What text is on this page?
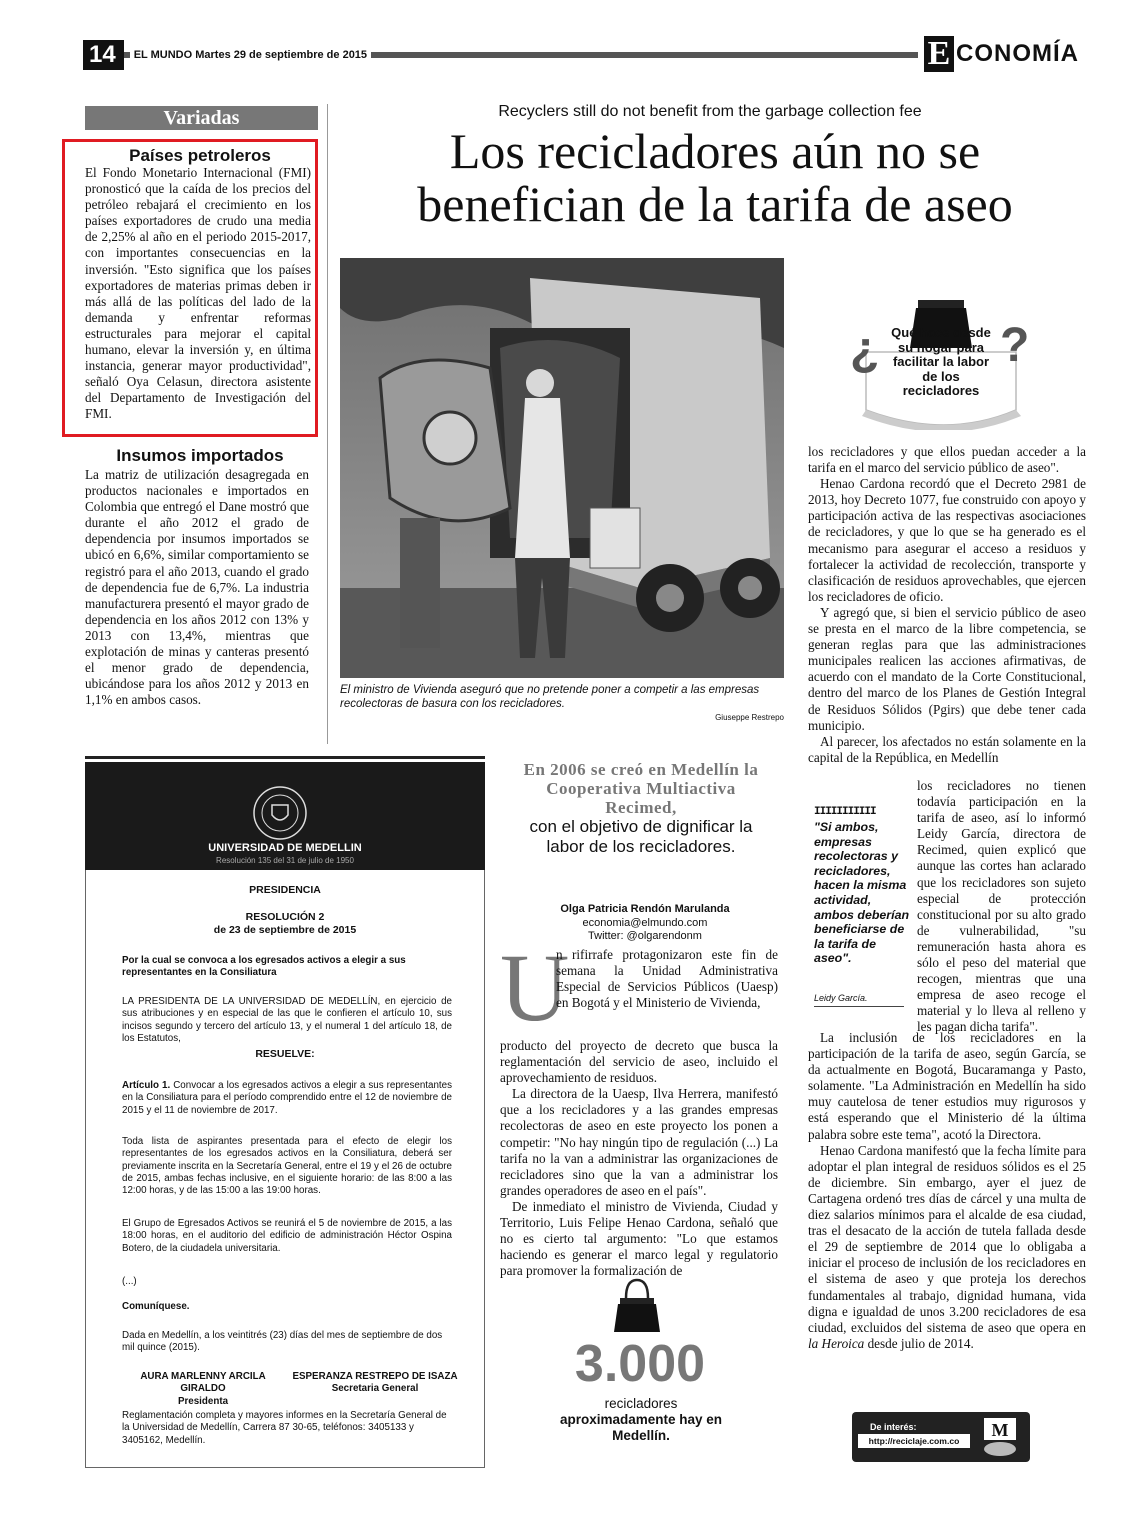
14	EL MUNDO Martes 29 de septiembre de 2015	E CONOMÍA
Variadas
Países petroleros
El Fondo Monetario Internacional (FMI) pronosticó que la caída de los precios del petróleo rebajará el crecimiento en los países exportadores de crudo una media de 2,25% al año en el periodo 2015-2017, con importantes consecuencias en la inversión. "Esto significa que los países exportadores de materias primas deben ir más allá de las políticas del lado de la demanda y enfrentar reformas estructurales para mejorar el capital humano, elevar la inversión y, en última instancia, generar mayor productividad", señaló Oya Celasun, directora asistente del Departamento de Investigación del FMI.
Insumos importados
La matriz de utilización desagregada en productos nacionales e importados en Colombia que entregó el Dane mostró que durante el año 2012 el grado de dependencia por insumos importados se ubicó en 6,6%, similar comportamiento se registró para el año 2013, cuando el grado de dependencia fue de 6,7%. La industria manufacturera presentó el mayor grado de dependencia en los años 2012 con 13% y 2013 con 13,4%, mientras que explotación de minas y canteras presentó el menor grado de dependencia, ubicándose para los años 2012 y 2013 en 1,1% en ambos casos.
Recyclers still do not benefit from the garbage collection fee
Los recicladores aún no se benefician de la tarifa de aseo
El ministro de Vivienda aseguró que no pretende poner a competir a las empresas recolectoras de basura con los recicladores.
Giuseppe Restrepo
¿	?
Qué hace desde su hogar para facilitar la labor de los recicladores

los recicladores y que ellos puedan acceder a la tarifa en el marco del servicio público de aseo".

Henao Cardona recordó que el Decreto 2981 de 2013, hoy Decreto 1077, fue construido con apoyo y participación activa de las respectivas asociaciones de recicladores, y que lo que se ha generado es el mecanismo para asegurar el acceso a residuos y fortalecer la actividad de recolección, transporte y clasificación de residuos aprovechables, que ejercen los recicladores de oficio.

Y agregó que, si bien el servicio público de aseo se presta en el marco de la libre competencia, se generan reglas para que las administraciones municipales realicen las acciones afirmativas, de acuerdo con el mandato de la Corte Constitucional, dentro del marco de los Planes de Gestión Integral de Residuos Sólidos (Pgirs) que debe tener cada municipio.

Al parecer, los afectados no están solamente en la capital de la República, en Medellín

los recicladores no tienen todavía participación en la tarifa de aseo, así lo informó Leidy García, directora de Recimed, quien explicó que aunque las cortes han aclarado que los recicladores son sujeto especial de protección constitucional por su alto grado de vulnerabilidad, "su remuneración hasta ahora es sólo el peso del material que recogen, mientras que una empresa de aseo recoge el material y lo lleva al relleno y les pagan dicha tarifa".

La inclusión de los recicladores en la participación de la tarifa de aseo, según García, se da actualmente en Bogotá, Bucaramanga y Pasto, solamente. "La Administración en Medellín ha sido muy cautelosa de tener estudios muy rigurosos y está esperando que el Ministerio dé la última palabra sobre este tema", acotó la Directora.

Henao Cardona manifestó que la fecha límite para adoptar el plan integral de residuos sólidos es el 25 de diciembre. Sin embargo, ayer el juez de Cartagena ordenó tres días de cárcel y una multa de diez salarios mínimos para el alcalde de esa ciudad, tras el desacato de la acción de tutela fallada desde el 29 de septiembre de 2014 que lo obligaba a iniciar el proceso de inclusión de los recicladores en el sistema de aseo y que proteja los derechos fundamentales al trabajo, dignidad humana, vida digna e igualdad de unos 3.200 recicladores de esa ciudad, excluidos del sistema de aseo que opera en la Heroica desde julio de 2014.

IIIIIIIIIII
"Si ambos, empresas recolectoras y recicladores, hacen la misma actividad, ambos deberían beneficiarse de la tarifa de aseo".
Leidy García.
En 2006 se creó en Medellín la Cooperativa Multiactiva Recimed,
con el objetivo de dignificar la labor de los recicladores.
Olga Patricia Rendón Marulanda
economia@elmundo.com
Twitter: @olgarendonm
U
n rifirrafe protagonizaron este fin de semana la Unidad Administrativa Especial de Servicios Públicos (Uaesp) en Bogotá y el Ministerio de Vivienda,

producto del proyecto de decreto que busca la reglamentación del servicio de aseo, incluido el aprovechamiento de residuos.

La directora de la Uaesp, Ilva Herrera, manifestó que a los recicladores y a las grandes empresas recolectoras de aseo en este proyecto los ponen a competir: "No hay ningún tipo de regulación (...) La tarifa no la van a administrar las organizaciones de recicladores sino que la van a administrar los grandes operadores de aseo en el país".

De inmediato el ministro de Vivienda, Ciudad y Territorio, Luis Felipe Henao Cardona, señaló que no es cierto tal argumento: "Lo que estamos haciendo es generar el marco legal y regulatorio para promover la formalización de

3.000
recicladores
aproximadamente hay en Medellín.
UNIVERSIDAD DE MEDELLIN
Resolución 135 del 31 de julio de 1950
PRESIDENCIA
RESOLUCIÓN 2
de 23 de septiembre de 2015
Por la cual se convoca a los egresados activos a elegir a sus representantes en la Consiliatura
LA PRESIDENTA DE LA UNIVERSIDAD DE MEDELLÍN, en ejercicio de sus atribuciones y en especial de las que le confieren el artículo 10, sus incisos segundo y tercero del artículo 13, y el numeral 1 del artículo 18, de los Estatutos,
RESUELVE:
Artículo 1. Convocar a los egresados activos a elegir a sus representantes en la Consiliatura para el período comprendido entre el 12 de noviembre de 2015 y el 11 de noviembre de 2017.
Toda lista de aspirantes presentada para el efecto de elegir los representantes de los egresados activos en la Consiliatura, deberá ser previamente inscrita en la Secretaría General, entre el 19 y el 26 de octubre de 2015, ambas fechas inclusive, en el siguiente horario: de las 8:00 a las 12:00 horas, y de las 15:00 a las 19:00 horas.
El Grupo de Egresados Activos se reunirá el 5 de noviembre de 2015, a las 18:00 horas, en el auditorio del edificio de administración Héctor Ospina Botero, de la ciudadela universitaria.
(...)
Comuníquese.
Dada en Medellín, a los veintitrés (23) días del mes de septiembre de dos mil quince (2015).
AURA MARLENNY ARCILA GIRALDO
Presidenta
ESPERANZA RESTREPO DE ISAZA
Secretaria General
Reglamentación completa y mayores informes en la Secretaría General de la Universidad de Medellín, Carrera 87 30-65, teléfonos: 3405133 y 3405162, Medellín.
De interés:
http://reciclaje.com.co
M
